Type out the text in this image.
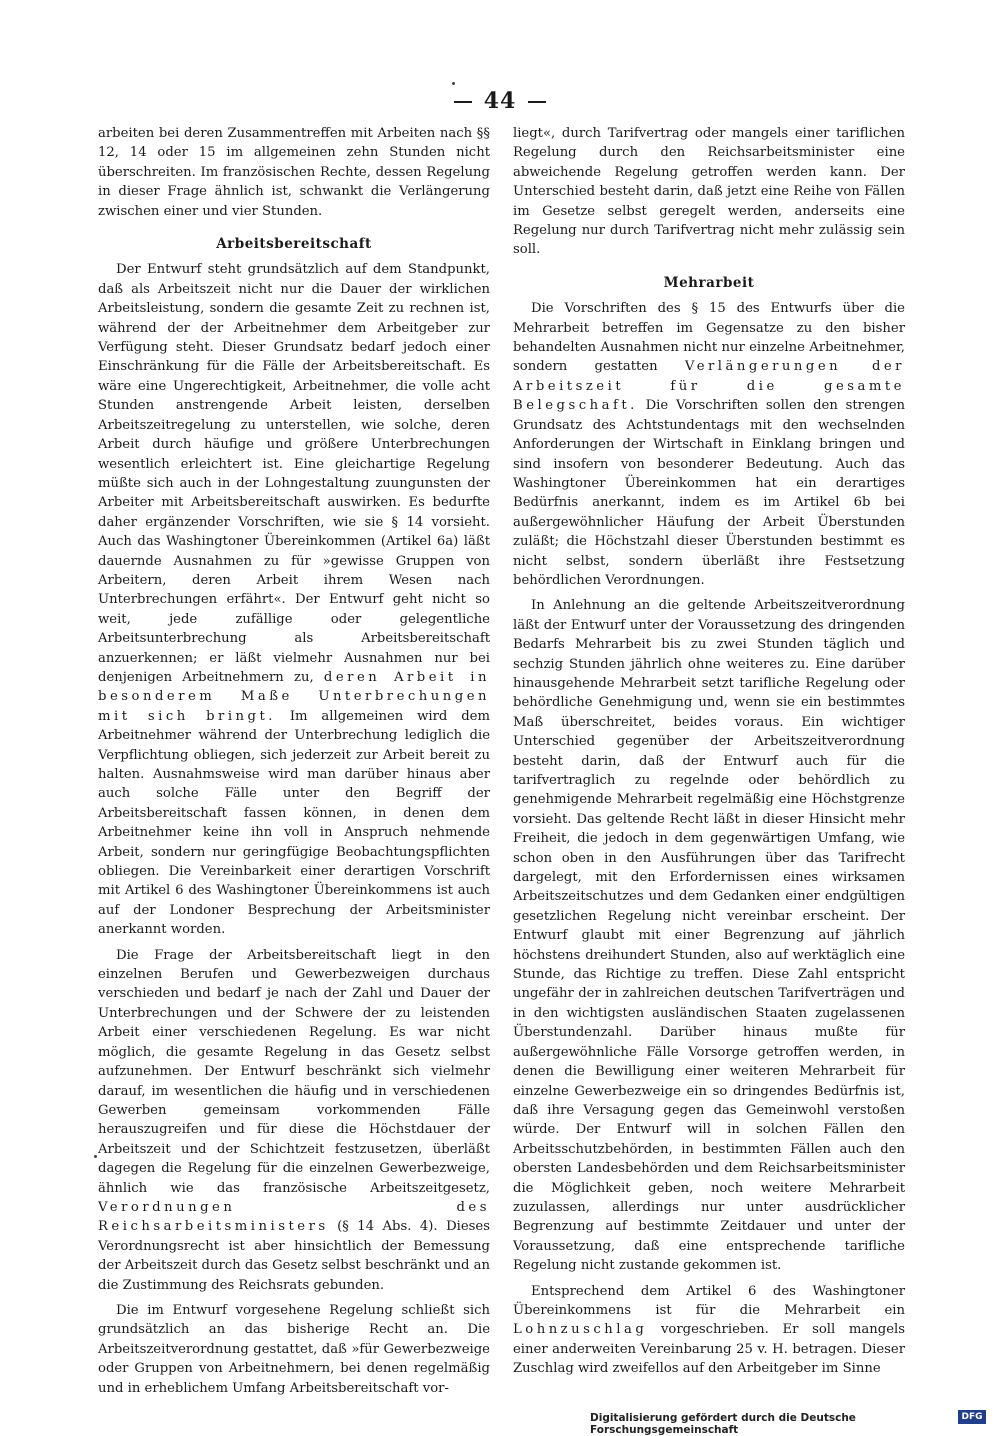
44

arbeiten bei deren Zusammentreffen mit Arbeiten nach §§ 12, 14 oder 15 im allgemeinen zehn Stunden nicht überschreiten. Im französischen Rechte, dessen Regelung in dieser Frage ähnlich ist, schwankt die Verlängerung zwischen einer und vier Stunden.

Arbeitsbereitschaft

Der Entwurf steht grundsätzlich auf dem Standpunkt, daß als Arbeitszeit nicht nur die Dauer der wirklichen Arbeitsleistung, sondern die gesamte Zeit zu rechnen ist, während der der Arbeitnehmer dem Arbeitgeber zur Verfügung steht. Dieser Grundsatz bedarf jedoch einer Einschränkung für die Fälle der Arbeitsbereitschaft. Es wäre eine Ungerechtigkeit, Arbeitnehmer, die volle acht Stunden anstrengende Arbeit leisten, derselben Arbeitszeitregelung zu unterstellen, wie solche, deren Arbeit durch häufige und größere Unterbrechungen wesentlich erleichtert ist. Eine gleichartige Regelung müßte sich auch in der Lohngestaltung zuungunsten der Arbeiter mit Arbeitsbereitschaft auswirken. Es bedurfte daher ergänzender Vorschriften, wie sie § 14 vorsieht. Auch das Washingtoner Übereinkommen (Artikel 6a) läßt dauernde Ausnahmen zu für »gewisse Gruppen von Arbeitern, deren Arbeit ihrem Wesen nach Unterbrechungen erfährt«. Der Entwurf geht nicht so weit, jede zufällige oder gelegentliche Arbeitsunterbrechung als Arbeitsbereitschaft anzuerkennen; er läßt vielmehr Ausnahmen nur bei denjenigen Arbeitnehmern zu, deren Arbeit in besonderem Maße Unterbrechungen mit sich bringt. Im allgemeinen wird dem Arbeitnehmer während der Unterbrechung lediglich die Verpflichtung obliegen, sich jederzeit zur Arbeit bereit zu halten. Ausnahmsweise wird man darüber hinaus aber auch solche Fälle unter den Begriff der Arbeitsbereitschaft fassen können, in denen dem Arbeitnehmer keine ihn voll in Anspruch nehmende Arbeit, sondern nur geringfügige Beobachtungspflichten obliegen. Die Vereinbarkeit einer derartigen Vorschrift mit Artikel 6 des Washingtoner Übereinkommens ist auch auf der Londoner Besprechung der Arbeitsminister anerkannt worden.

Die Frage der Arbeitsbereitschaft liegt in den einzelnen Berufen und Gewerbezweigen durchaus verschieden und bedarf je nach der Zahl und Dauer der Unterbrechungen und der Schwere der zu leistenden Arbeit einer verschiedenen Regelung. Es war nicht möglich, die gesamte Regelung in das Gesetz selbst aufzunehmen. Der Entwurf beschränkt sich vielmehr darauf, im wesentlichen die häufig und in verschiedenen Gewerben gemeinsam vorkommenden Fälle herauszugreifen und für diese die Höchstdauer der Arbeitszeit und der Schichtzeit festzusetzen, überläßt dagegen die Regelung für die einzelnen Gewerbezweige, ähnlich wie das französische Arbeitszeitgesetz, Verordnungen des Reichsarbeitsministers (§ 14 Abs. 4). Dieses Verordnungsrecht ist aber hinsichtlich der Bemessung der Arbeitszeit durch das Gesetz selbst beschränkt und an die Zustimmung des Reichsrats gebunden.

Die im Entwurf vorgesehene Regelung schließt sich grundsätzlich an das bisherige Recht an. Die Arbeitszeitverordnung gestattet, daß »für Gewerbezweige oder Gruppen von Arbeitnehmern, bei denen regelmäßig und in erheblichem Umfang Arbeitsbereitschaft vor-

liegt«, durch Tarifvertrag oder mangels einer tariflichen Regelung durch den Reichsarbeitsminister eine abweichende Regelung getroffen werden kann. Der Unterschied besteht darin, daß jetzt eine Reihe von Fällen im Gesetze selbst geregelt werden, anderseits eine Regelung nur durch Tarifvertrag nicht mehr zulässig sein soll.

Mehrarbeit

Die Vorschriften des § 15 des Entwurfs über die Mehrarbeit betreffen im Gegensatze zu den bisher behandelten Ausnahmen nicht nur einzelne Arbeitnehmer, sondern gestatten Verlängerungen der Arbeitszeit für die gesamte Belegschaft. Die Vorschriften sollen den strengen Grundsatz des Achtstundentags mit den wechselnden Anforderungen der Wirtschaft in Einklang bringen und sind insofern von besonderer Bedeutung. Auch das Washingtoner Übereinkommen hat ein derartiges Bedürfnis anerkannt, indem es im Artikel 6b bei außergewöhnlicher Häufung der Arbeit Überstunden zuläßt; die Höchstzahl dieser Überstunden bestimmt es nicht selbst, sondern überläßt ihre Festsetzung behördlichen Verordnungen.

In Anlehnung an die geltende Arbeitszeitverordnung läßt der Entwurf unter der Voraussetzung des dringenden Bedarfs Mehrarbeit bis zu zwei Stunden täglich und sechzig Stunden jährlich ohne weiteres zu. Eine darüber hinausgehende Mehrarbeit setzt tarifliche Regelung oder behördliche Genehmigung und, wenn sie ein bestimmtes Maß überschreitet, beides voraus. Ein wichtiger Unterschied gegenüber der Arbeitszeitverordnung besteht darin, daß der Entwurf auch für die tarifvertraglich zu regelnde oder behördlich zu genehmigende Mehrarbeit regelmäßig eine Höchstgrenze vorsieht. Das geltende Recht läßt in dieser Hinsicht mehr Freiheit, die jedoch in dem gegenwärtigen Umfang, wie schon oben in den Ausführungen über das Tarifrecht dargelegt, mit den Erfordernissen eines wirksamen Arbeitszeitschutzes und dem Gedanken einer endgültigen gesetzlichen Regelung nicht vereinbar erscheint. Der Entwurf glaubt mit einer Begrenzung auf jährlich höchstens dreihundert Stunden, also auf werktäglich eine Stunde, das Richtige zu treffen. Diese Zahl entspricht ungefähr der in zahlreichen deutschen Tarifverträgen und in den wichtigsten ausländischen Staaten zugelassenen Überstundenzahl. Darüber hinaus mußte für außergewöhnliche Fälle Vorsorge getroffen werden, in denen die Bewilligung einer weiteren Mehrarbeit für einzelne Gewerbezweige ein so dringendes Bedürfnis ist, daß ihre Versagung gegen das Gemeinwohl verstoßen würde. Der Entwurf will in solchen Fällen den Arbeitsschutzbehörden, in bestimmten Fällen auch den obersten Landesbehörden und dem Reichsarbeitsminister die Möglichkeit geben, noch weitere Mehrarbeit zuzulassen, allerdings nur unter ausdrücklicher Begrenzung auf bestimmte Zeitdauer und unter der Voraussetzung, daß eine entsprechende tarifliche Regelung nicht zustande gekommen ist.

Entsprechend dem Artikel 6 des Washingtoner Übereinkommens ist für die Mehrarbeit ein Lohnzuschlag vorgeschrieben. Er soll mangels einer anderweiten Vereinbarung 25 v. H. betragen. Dieser Zuschlag wird zweifellos auf den Arbeitgeber im Sinne

Digitalisierung gefördert durch die Deutsche Forschungsgemeinschaft
DFG
